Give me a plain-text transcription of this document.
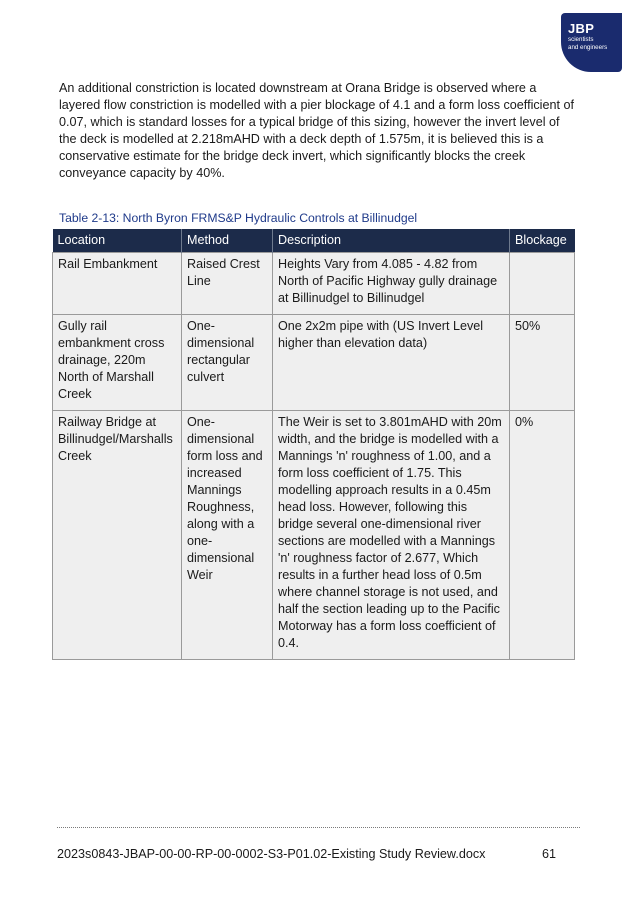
JBP
scientists
and engineers

An additional constriction is located downstream at Orana Bridge is observed where a layered flow constriction is modelled with a pier blockage of 4.1 and a form loss coefficient of 0.07, which is standard losses for a typical bridge of this sizing, however the invert level of the deck is modelled at 2.218mAHD with a deck depth of 1.575m, it is believed this is a conservative estimate for the bridge deck invert, which significantly blocks the creek conveyance capacity by 40%.

Table 2-13: North Byron FRMS&P Hydraulic Controls at Billinudgel

Location	Method	Description	Blockage
Rail Embankment	Raised Crest Line	Heights Vary from 4.085 - 4.82 from North of Pacific Highway gully drainage at Billinudgel to Billinudgel	
Gully rail embankment cross drainage, 220m North of Marshall Creek	One-dimensional rectangular culvert	One 2x2m pipe with (US Invert Level higher than elevation data)	50%
Railway Bridge at Billinudgel/Marshalls Creek	One-dimensional form loss and increased Mannings Roughness, along with a one-dimensional Weir	The Weir is set to 3.801mAHD with 20m width, and the bridge is modelled with a Mannings 'n' roughness of 1.00, and a form loss coefficient of 1.75. This modelling approach results in a 0.45m head loss. However, following this bridge several one-dimensional river sections are modelled with a Mannings 'n' roughness factor of 2.677, Which results in a further head loss of 0.5m where channel storage is not used, and half the section leading up to the Pacific Motorway has a form loss coefficient of 0.4.	0%
2023s0843-JBAP-00-00-RP-00-0002-S3-P01.02-Existing Study Review.docx	61
